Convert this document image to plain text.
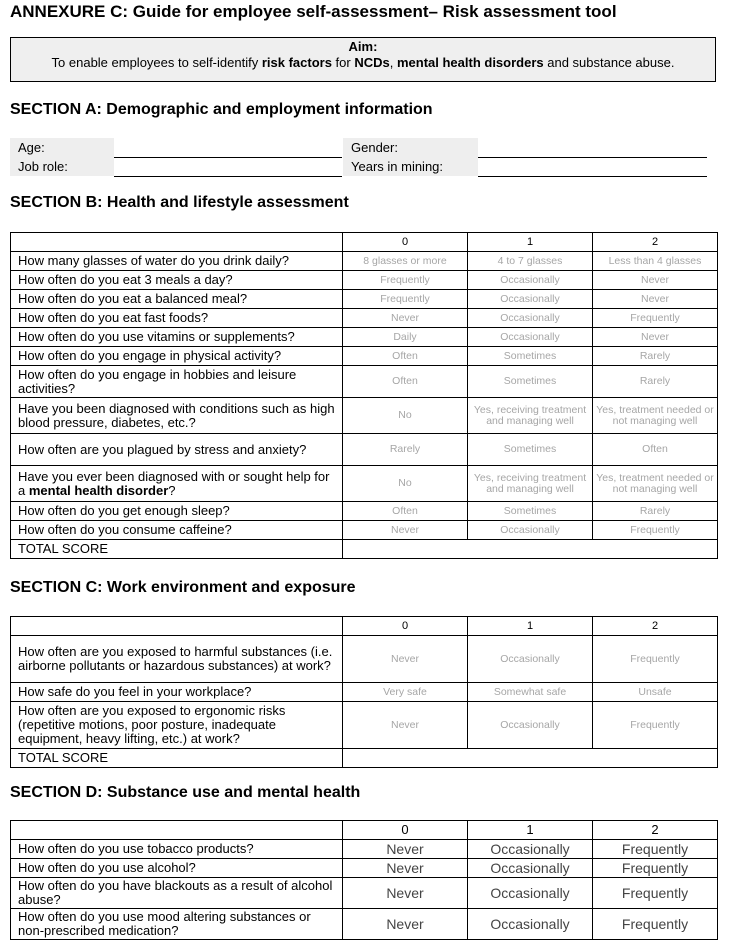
ANNEXURE C: Guide for employee self-assessment– Risk assessment tool
Aim:
To enable employees to self-identify risk factors for NCDs, mental health disorders and substance abuse.
SECTION A: Demographic and employment information
Age:	Gender:
Job role:	Years in mining:
SECTION B: Health and lifestyle assessment
	0	1	2
How many glasses of water do you drink daily?	8 glasses or more	4 to 7 glasses	Less than 4 glasses
How often do you eat 3 meals a day?	Frequently	Occasionally	Never
How often do you eat a balanced meal?	Frequently	Occasionally	Never
How often do you eat fast foods?	Never	Occasionally	Frequently
How often do you use vitamins or supplements?	Daily	Occasionally	Never
How often do you engage in physical activity?	Often	Sometimes	Rarely
How often do you engage in hobbies and leisure activities?	Often	Sometimes	Rarely
Have you been diagnosed with conditions such as high blood pressure, diabetes, etc.?	No	Yes, receiving treatment and managing well	Yes, treatment needed or not managing well
How often are you plagued by stress and anxiety?	Rarely	Sometimes	Often
Have you ever been diagnosed with or sought help for a mental health disorder?	No	Yes, receiving treatment and managing well	Yes, treatment needed or not managing well
How often do you get enough sleep?	Often	Sometimes	Rarely
How often do you consume caffeine?	Never	Occasionally	Frequently
TOTAL SCORE			
SECTION C: Work environment and exposure
	0	1	2
How often are you exposed to harmful substances (i.e. airborne pollutants or hazardous substances) at work?	Never	Occasionally	Frequently
How safe do you feel in your workplace?	Very safe	Somewhat safe	Unsafe
How often are you exposed to ergonomic risks (repetitive motions, poor posture, inadequate equipment, heavy lifting, etc.) at work?	Never	Occasionally	Frequently
TOTAL SCORE			
SECTION D: Substance use and mental health
	0	1	2
How often do you use tobacco products?	Never	Occasionally	Frequently
How often do you use alcohol?	Never	Occasionally	Frequently
How often do you have blackouts as a result of alcohol abuse?	Never	Occasionally	Frequently
How often do you use mood altering substances or non-prescribed medication?	Never	Occasionally	Frequently
